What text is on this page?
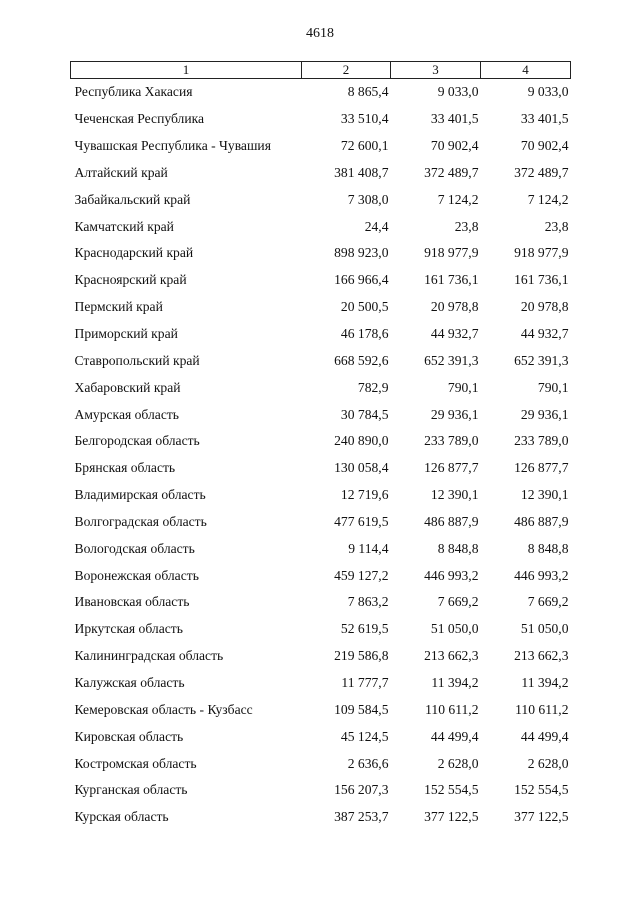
4618
1	2	3	4
Республика Хакасия	8 865,4	9 033,0	9 033,0
Чеченская Республика	33 510,4	33 401,5	33 401,5
Чувашская Республика - Чувашия	72 600,1	70 902,4	70 902,4
Алтайский край	381 408,7	372 489,7	372 489,7
Забайкальский край	7 308,0	7 124,2	7 124,2
Камчатский край	24,4	23,8	23,8
Краснодарский край	898 923,0	918 977,9	918 977,9
Красноярский край	166 966,4	161 736,1	161 736,1
Пермский край	20 500,5	20 978,8	20 978,8
Приморский край	46 178,6	44 932,7	44 932,7
Ставропольский край	668 592,6	652 391,3	652 391,3
Хабаровский край	782,9	790,1	790,1
Амурская область	30 784,5	29 936,1	29 936,1
Белгородская область	240 890,0	233 789,0	233 789,0
Брянская область	130 058,4	126 877,7	126 877,7
Владимирская область	12 719,6	12 390,1	12 390,1
Волгоградская область	477 619,5	486 887,9	486 887,9
Вологодская область	9 114,4	8 848,8	8 848,8
Воронежская область	459 127,2	446 993,2	446 993,2
Ивановская область	7 863,2	7 669,2	7 669,2
Иркутская область	52 619,5	51 050,0	51 050,0
Калининградская область	219 586,8	213 662,3	213 662,3
Калужская область	11 777,7	11 394,2	11 394,2
Кемеровская область - Кузбасс	109 584,5	110 611,2	110 611,2
Кировская область	45 124,5	44 499,4	44 499,4
Костромская область	2 636,6	2 628,0	2 628,0
Курганская область	156 207,3	152 554,5	152 554,5
Курская область	387 253,7	377 122,5	377 122,5
